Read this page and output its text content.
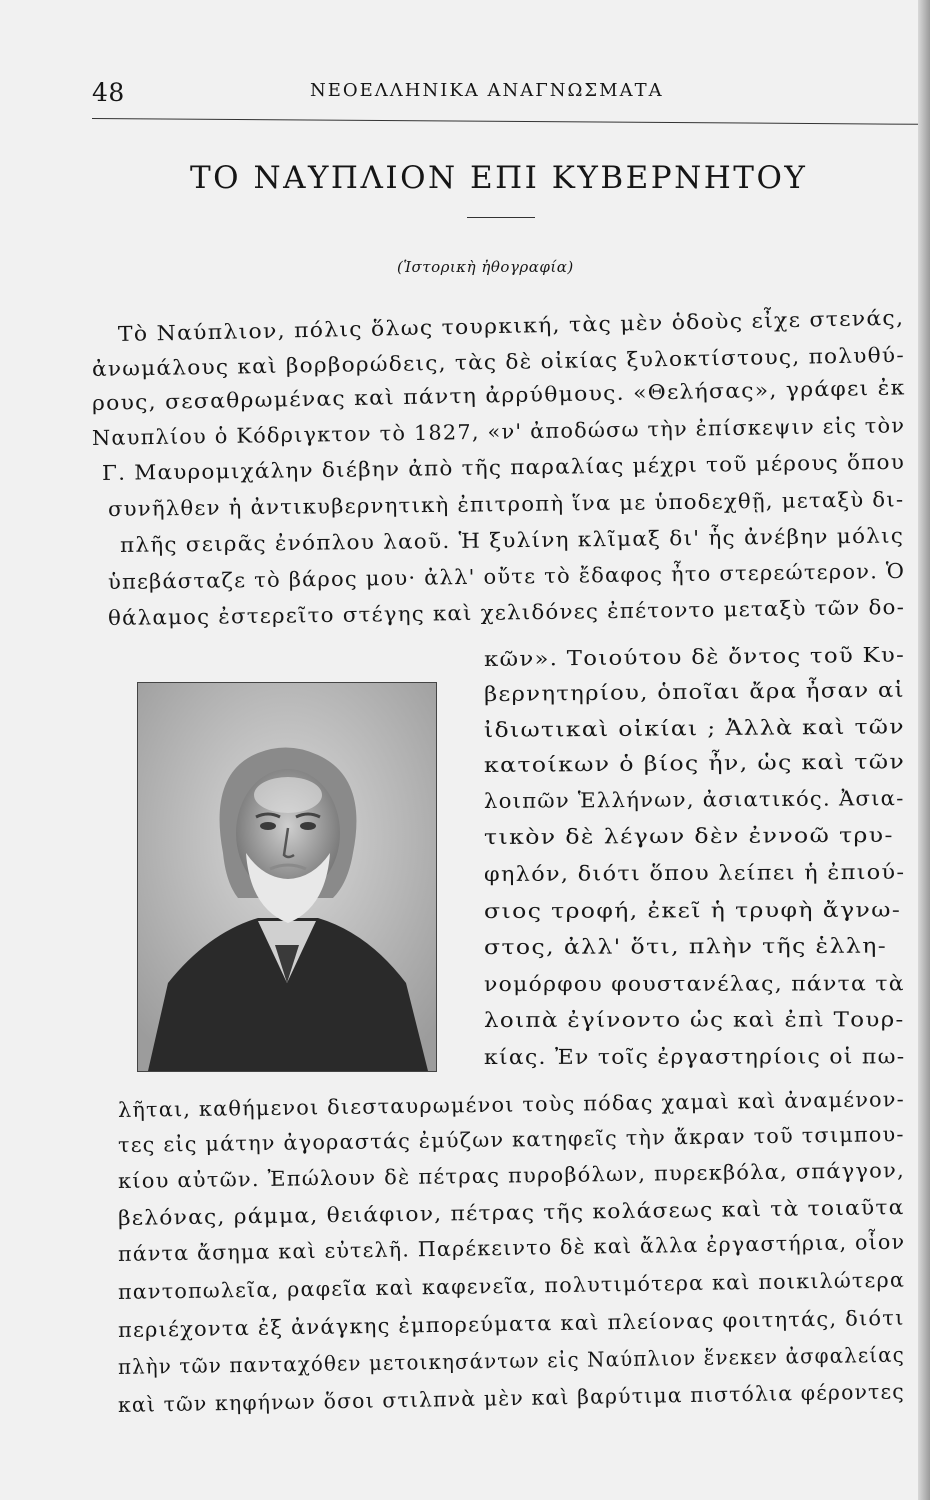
48	ΝΕΟΕΛΛΗΝΙΚΑ ΑΝΑΓΝΩΣΜΑΤΑ
ΤΟ ΝΑΥΠΛΙΟΝ ΕΠΙ ΚΥΒΕΡΝΗΤΟΥ
(Ἱστορικὴ ἠθογραφία)
Τὸ Ναύπλιον, πόλις ὅλως τουρκική, τὰς μὲν ὁδοὺς εἶχε στενάς,
ἀνωμάλους καὶ βορβορώδεις, τὰς δὲ οἰκίας ξυλοκτίστους, πολυθύ-
ρους, σεσαθρωμένας καὶ πάντη ἀρρύθμους. «Θελήσας», γράφει ἐκ
Ναυπλίου ὁ Κόδριγκτον τὸ 1827, «ν' ἀποδώσω τὴν ἐπίσκεψιν εἰς τὸν
Γ. Μαυρομιχάλην διέβην ἀπὸ τῆς παραλίας μέχρι τοῦ μέρους ὅπου
συνῆλθεν ἡ ἀντικυβερνητικὴ ἐπιτροπὴ ἵνα με ὑποδεχθῇ, μεταξὺ δι-
πλῆς σειρᾶς ἐνόπλου λαοῦ. Ἡ ξυλίνη κλῖμαξ δι' ἧς ἀνέβην μόλις
ὑπεβάσταζε τὸ βάρος μου· ἀλλ' οὔτε τὸ ἔδαφος ἦτο στερεώτερον. Ὁ
θάλαμος ἐστερεῖτο στέγης καὶ χελιδόνες ἐπέτοντο μεταξὺ τῶν δο-
κῶν». Τοιούτου δὲ ὄντος τοῦ Κυ-
βερνητηρίου, ὁποῖαι ἄρα ἦσαν αἱ
ἰδιωτικαὶ οἰκίαι ; Ἀλλὰ καὶ τῶν
κατοίκων ὁ βίος ἦν, ὡς καὶ τῶν
λοιπῶν Ἑλλήνων, ἀσιατικός. Ἀσια-
τικὸν δὲ λέγων δὲν ἐννοῶ τρυ-
φηλόν, διότι ὅπου λείπει ἡ ἐπιού-
σιος τροφή, ἐκεῖ ἡ τρυφὴ ἄγνω-
στος, ἀλλ' ὅτι, πλὴν τῆς ἑλλη-
νομόρφου φουστανέλας, πάντα τὰ
λοιπὰ ἐγίνοντο ὡς καὶ ἐπὶ Τουρ-
κίας. Ἐν τοῖς ἐργαστηρίοις οἱ πω-
λῆται, καθήμενοι διεσταυρωμένοι τοὺς πόδας χαμαὶ καὶ ἀναμένον-
τες εἰς μάτην ἀγοραστάς ἐμύζων κατηφεῖς τὴν ἄκραν τοῦ τσιμπου-
κίου αὐτῶν. Ἐπώλουν δὲ πέτρας πυροβόλων, πυρεκβόλα, σπάγγον,
βελόνας, ράμμα, θειάφιον, πέτρας τῆς κολάσεως καὶ τὰ τοιαῦτα
πάντα ἄσημα καὶ εὐτελῆ. Παρέκειντο δὲ καὶ ἄλλα ἐργαστήρια, οἷον
παντοπωλεῖα, ραφεῖα καὶ καφενεῖα, πολυτιμότερα καὶ ποικιλώτερα
περιέχοντα ἐξ ἀνάγκης ἐμπορεύματα καὶ πλείονας φοιτητάς, διότι
πλὴν τῶν πανταχόθεν μετοικησάντων εἰς Ναύπλιον ἕνεκεν ἀσφαλείας
καὶ τῶν κηφήνων ὅσοι στιλπνὰ μὲν καὶ βαρύτιμα πιστόλια φέροντες
